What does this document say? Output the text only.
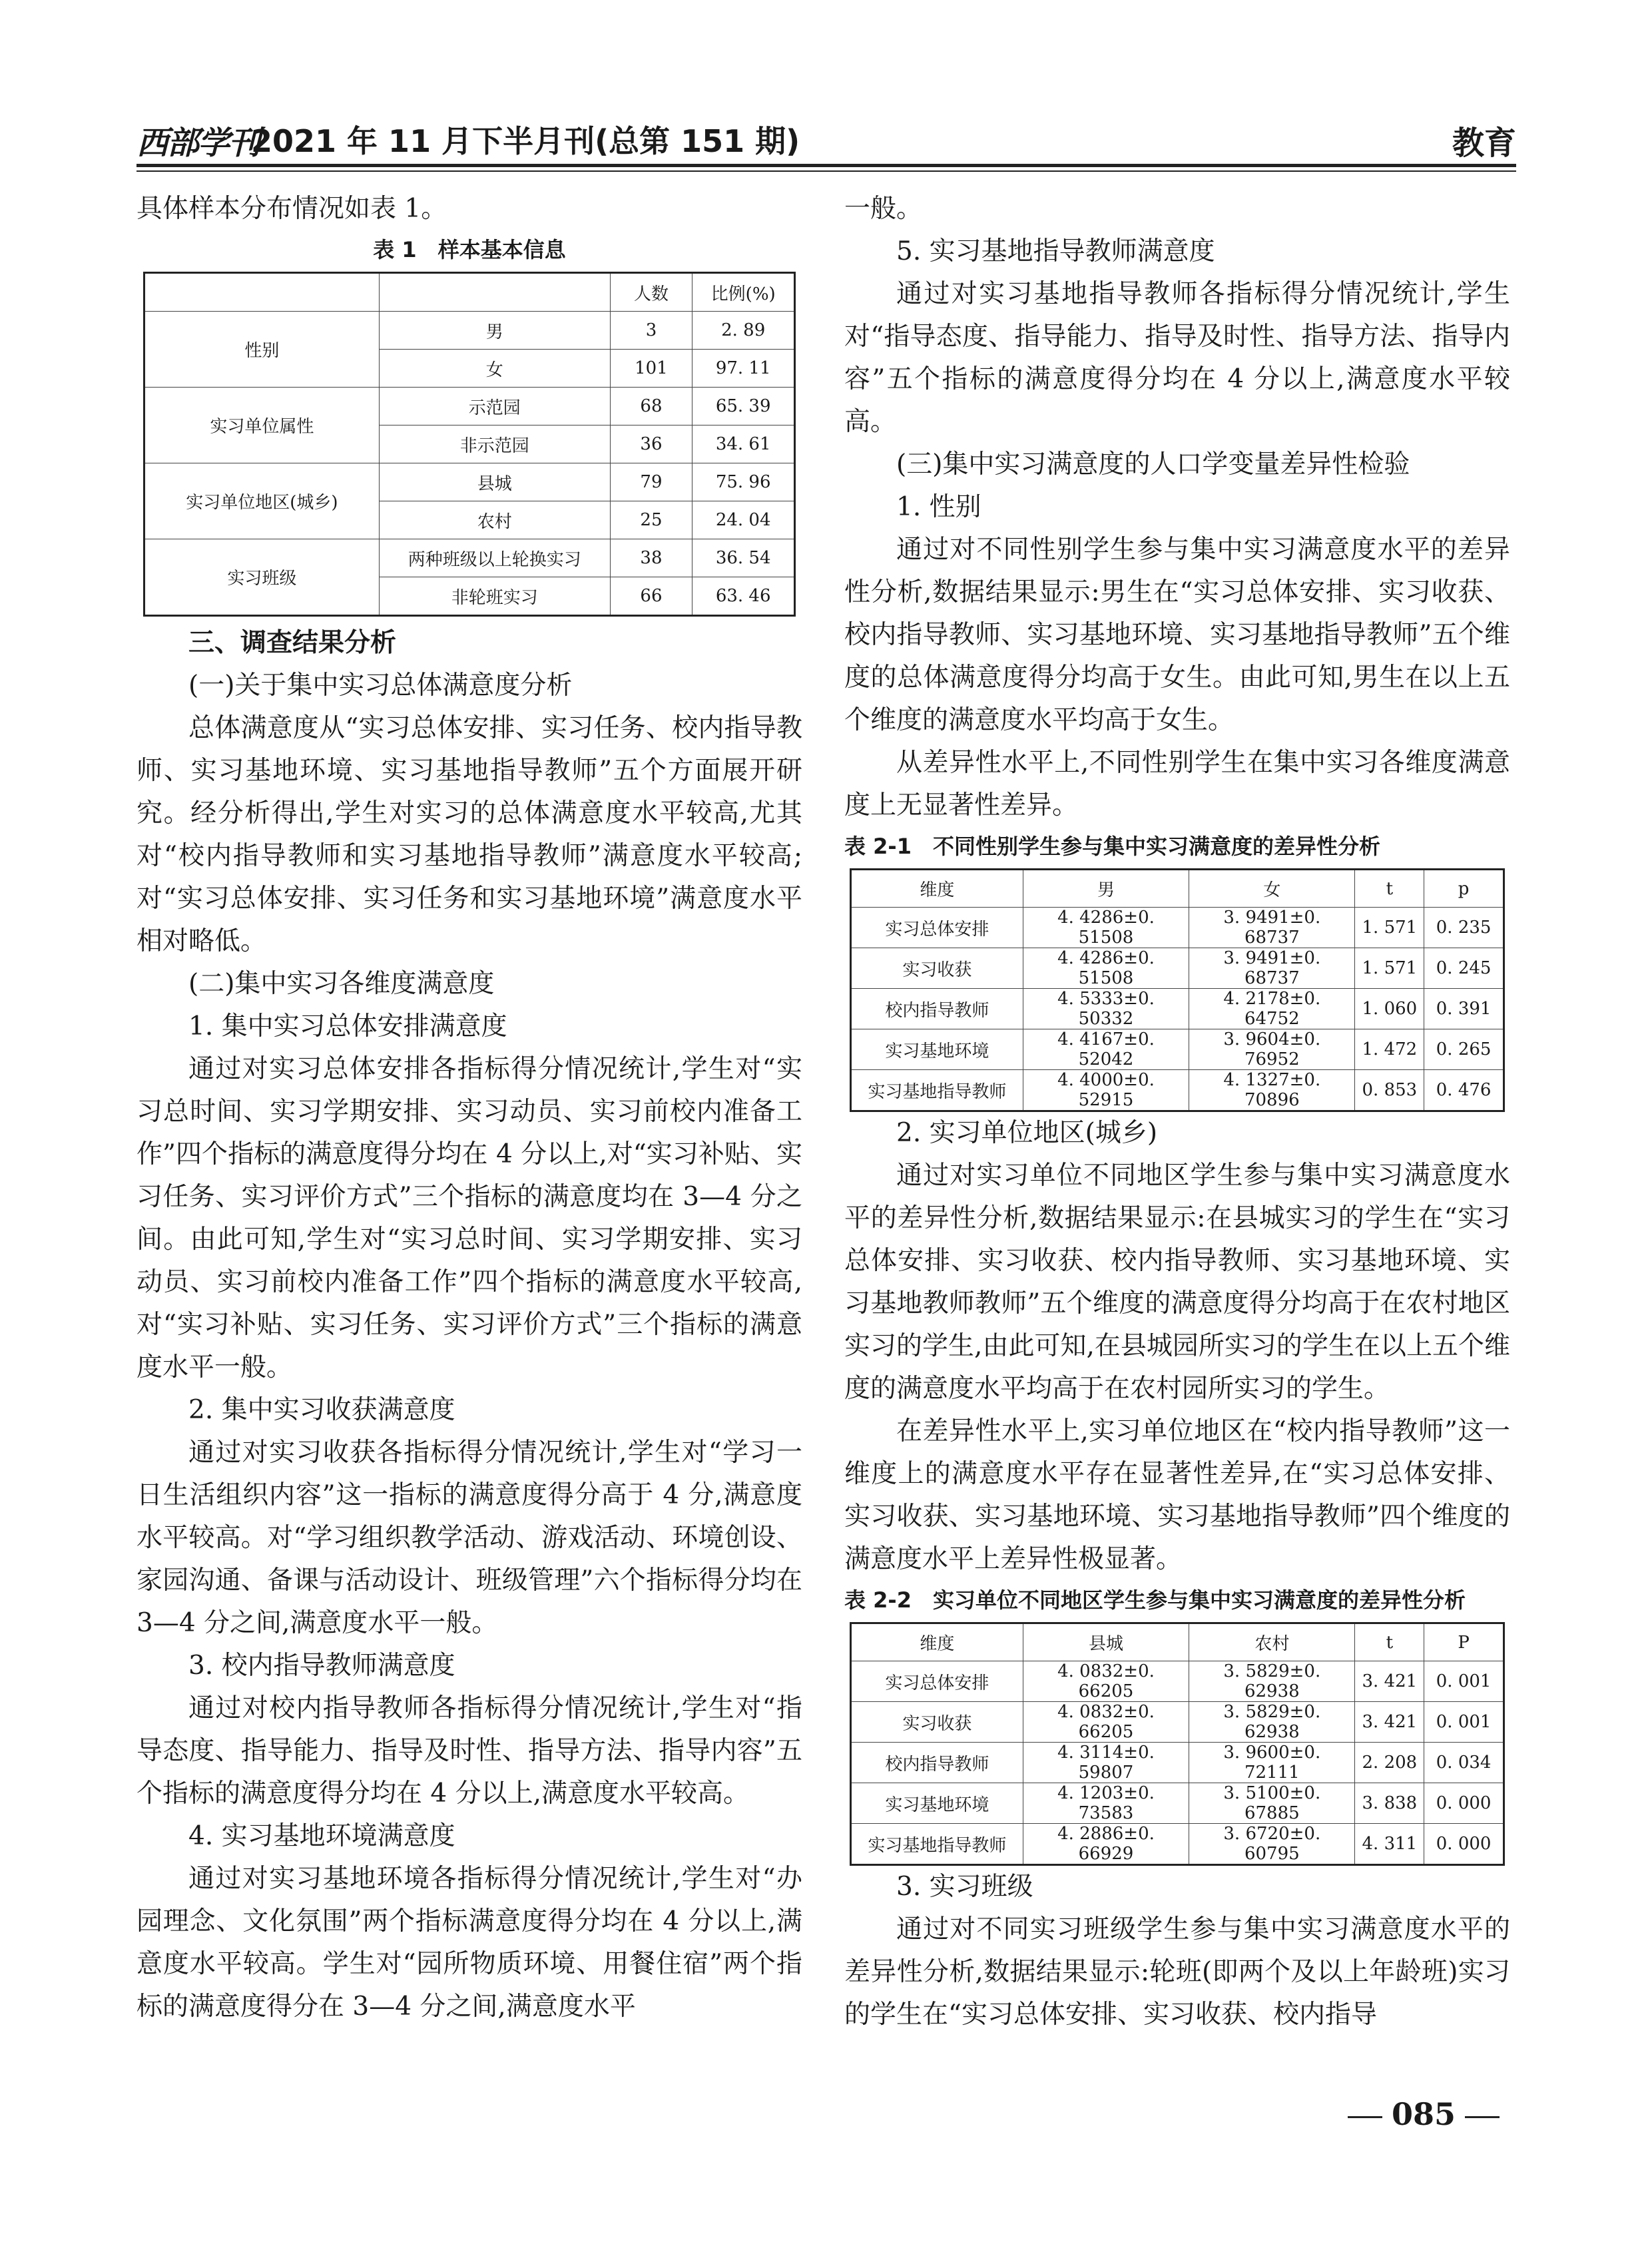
西部学刊
2021 年 11 月下半月刊(总第 151 期)	教育

具体样本分布情况如表 1。

表 1　样本基本信息
		人数	比例(%)
性别	男	3	2. 89
	女	101	97. 11
实习单位属性	示范园	68	65. 39
	非示范园	36	34. 61
实习单位地区(城乡)	县城	79	75. 96
	农村	25	24. 04
实习班级	两种班级以上轮换实习	38	36. 54
	非轮班实习	66	63. 46
三、调查结果分析
(一)关于集中实习总体满意度分析

总体满意度从“实习总体安排、实习任务、校内指导教师、实习基地环境、实习基地指导教师”五个方面展开研究。经分析得出,学生对实习的总体满意度水平较高,尤其对“校内指导教师和实习基地指导教师”满意度水平较高;对“实习总体安排、实习任务和实习基地环境”满意度水平相对略低。

(二)集中实习各维度满意度
1. 集中实习总体安排满意度

通过对实习总体安排各指标得分情况统计,学生对“实习总时间、实习学期安排、实习动员、实习前校内准备工作”四个指标的满意度得分均在 4 分以上,对“实习补贴、实习任务、实习评价方式”三个指标的满意度均在 3—4 分之间。由此可知,学生对“实习总时间、实习学期安排、实习动员、实习前校内准备工作”四个指标的满意度水平较高,对“实习补贴、实习任务、实习评价方式”三个指标的满意度水平一般。

2. 集中实习收获满意度

通过对实习收获各指标得分情况统计,学生对“学习一日生活组织内容”这一指标的满意度得分高于 4 分,满意度水平较高。对“学习组织教学活动、游戏活动、环境创设、家园沟通、备课与活动设计、班级管理”六个指标得分均在 3—4 分之间,满意度水平一般。

3. 校内指导教师满意度

通过对校内指导教师各指标得分情况统计,学生对“指导态度、指导能力、指导及时性、指导方法、指导内容”五个指标的满意度得分均在 4 分以上,满意度水平较高。

4. 实习基地环境满意度

通过对实习基地环境各指标得分情况统计,学生对“办园理念、文化氛围”两个指标满意度得分均在 4 分以上,满意度水平较高。学生对“园所物质环境、用餐住宿”两个指标的满意度得分在 3—4 分之间,满意度水平

一般。

5. 实习基地指导教师满意度

通过对实习基地指导教师各指标得分情况统计,学生对“指导态度、指导能力、指导及时性、指导方法、指导内容”五个指标的满意度得分均在 4 分以上,满意度水平较高。

(三)集中实习满意度的人口学变量差异性检验
1. 性别

通过对不同性别学生参与集中实习满意度水平的差异性分析,数据结果显示:男生在“实习总体安排、实习收获、校内指导教师、实习基地环境、实习基地指导教师”五个维度的总体满意度得分均高于女生。由此可知,男生在以上五个维度的满意度水平均高于女生。

从差异性水平上,不同性别学生在集中实习各维度满意度上无显著性差异。

表 2-1　不同性别学生参与集中实习满意度的差异性分析
维度	男	女	t	p
实习总体安排	4. 4286±0. 51508	3. 9491±0. 68737	1. 571	0. 235
实习收获	4. 4286±0. 51508	3. 9491±0. 68737	1. 571	0. 245
校内指导教师	4. 5333±0. 50332	4. 2178±0. 64752	1. 060	0. 391
实习基地环境	4. 4167±0. 52042	3. 9604±0. 76952	1. 472	0. 265
实习基地指导教师	4. 4000±0. 52915	4. 1327±0. 70896	0. 853	0. 476
2. 实习单位地区(城乡)

通过对实习单位不同地区学生参与集中实习满意度水平的差异性分析,数据结果显示:在县城实习的学生在“实习总体安排、实习收获、校内指导教师、实习基地环境、实习基地教师教师”五个维度的满意度得分均高于在农村地区实习的学生,由此可知,在县城园所实习的学生在以上五个维度的满意度水平均高于在农村园所实习的学生。

在差异性水平上,实习单位地区在“校内指导教师”这一维度上的满意度水平存在显著性差异,在“实习总体安排、实习收获、实习基地环境、实习基地指导教师”四个维度的满意度水平上差异性极显著。

表 2-2　实习单位不同地区学生参与集中实习满意度的差异性分析
维度	县城	农村	t	P
实习总体安排	4. 0832±0. 66205	3. 5829±0. 62938	3. 421	0. 001
实习收获	4. 0832±0. 66205	3. 5829±0. 62938	3. 421	0. 001
校内指导教师	4. 3114±0. 59807	3. 9600±0. 72111	2. 208	0. 034
实习基地环境	4. 1203±0. 73583	3. 5100±0. 67885	3. 838	0. 000
实习基地指导教师	4. 2886±0. 66929	3. 6720±0. 60795	4. 311	0. 000
3. 实习班级

通过对不同实习班级学生参与集中实习满意度水平的差异性分析,数据结果显示:轮班(即两个及以上年龄班)实习的学生在“实习总体安排、实习收获、校内指导

085
